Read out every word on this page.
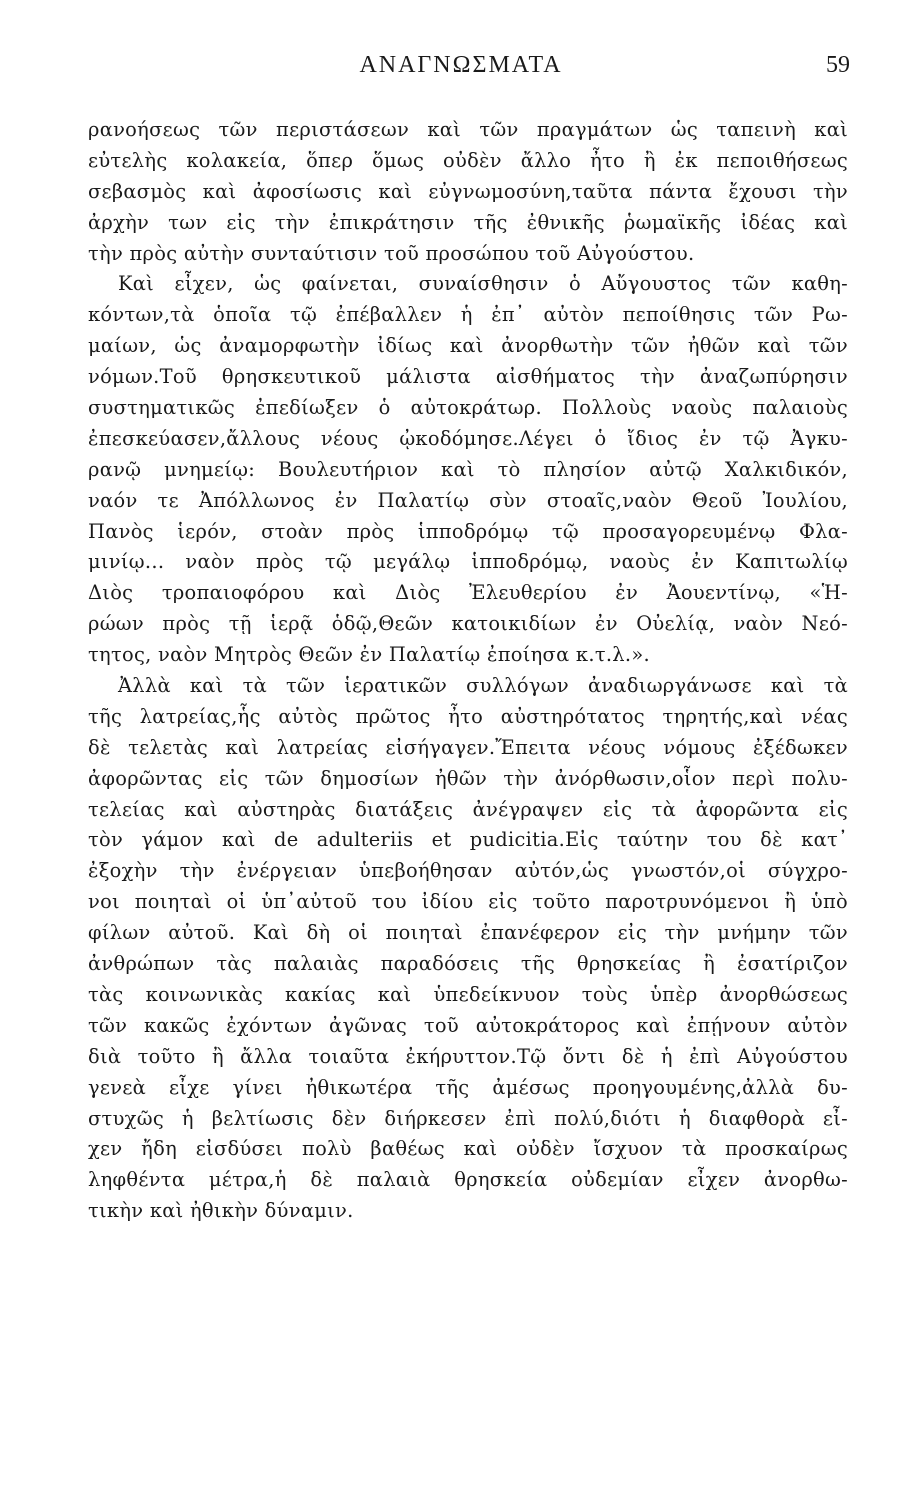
ΑΝΑΓΝΩΣΜΑΤΑ	59
ρανοήσεως τῶν περιστάσεων καὶ τῶν πραγμάτων ὡς ταπεινὴ καὶ
εὐτελὴς κολακεία, ὅπερ ὅμως οὐδὲν ἄλλο ἦτο ἢ ἐκ πεποιθήσεως
σεβασμὸς καὶ ἀφοσίωσις καὶ εὐγνωμοσύνη,ταῦτα πάντα ἔχουσι τὴν
ἀρχὴν των εἰς τὴν ἐπικράτησιν τῆς ἐθνικῆς ῥωμαϊκῆς ἰδέας καὶ
τὴν πρὸς αὐτὴν συνταύτισιν τοῦ προσώπου τοῦ Αὐγούστου.
Καὶ εἶχεν, ὡς φαίνεται, συναίσθησιν ὁ Αὔγουστος τῶν καθη-
κόντων,τὰ ὁποῖα τῷ ἐπέβαλλεν ἡ ἐπ᾽ αὐτὸν πεποίθησις τῶν Ρω-
μαίων, ὡς ἀναμορφωτὴν ἰδίως καὶ ἀνορθωτὴν τῶν ἠθῶν καὶ τῶν
νόμων.Τοῦ θρησκευτικοῦ μάλιστα αἰσθήματος τὴν ἀναζωπύρησιν
συστηματικῶς ἐπεδίωξεν ὁ αὐτοκράτωρ. Πολλοὺς ναοὺς παλαιοὺς
ἐπεσκεύασεν,ἄλλους νέους ᾠκοδόμησε.Λέγει ὁ ἴδιος ἐν τῷ Ἀγκυ-
ρανῷ μνημείῳ: Βουλευτήριον καὶ τὸ πλησίον αὐτῷ Χαλκιδικόν,
ναόν τε Ἀπόλλωνος ἐν Παλατίῳ σὺν στοαῖς,ναὸν Θεοῦ Ἰουλίου,
Πανὸς ἱερόν, στοὰν πρὸς ἱπποδρόμῳ τῷ προσαγορευμένῳ Φλα-
μινίῳ... ναὸν πρὸς τῷ μεγάλῳ ἱπποδρόμῳ, ναοὺς ἐν Καπιτωλίῳ
Διὸς τροπαιοφόρου καὶ Διὸς Ἐλευθερίου ἐν Ἀουεντίνῳ, «Ἡ-
ρώων πρὸς τῇ ἱερᾷ ὁδῷ,Θεῶν κατοικιδίων ἐν Οὐελίᾳ, ναὸν Νεό-
τητος, ναὸν Μητρὸς Θεῶν ἐν Παλατίῳ ἐποίησα κ.τ.λ.».
Ἀλλὰ καὶ τὰ τῶν ἱερατικῶν συλλόγων ἀναδιωργάνωσε καὶ τὰ
τῆς λατρείας,ἧς αὐτὸς πρῶτος ἦτο αὐστηρότατος τηρητής,καὶ νέας
δὲ τελετὰς καὶ λατρείας εἰσήγαγεν.Ἔπειτα νέους νόμους ἐξέδωκεν
ἀφορῶντας εἰς τῶν δημοσίων ἠθῶν τὴν ἀνόρθωσιν,οἷον περὶ πολυ-
τελείας καὶ αὐστηρὰς διατάξεις ἀνέγραψεν εἰς τὰ ἀφορῶντα εἰς
τὸν γάμον καὶ de adulteriis et pudicitia.Εἰς ταύτην του δὲ κατ᾽
ἐξοχὴν τὴν ἐνέργειαν ὑπεβοήθησαν αὐτόν,ὡς γνωστόν,οἱ σύγχρο-
νοι ποιηταὶ οἱ ὑπ᾽αὐτοῦ του ἰδίου εἰς τοῦτο παροτρυνόμενοι ἢ ὑπὸ
φίλων αὐτοῦ. Καὶ δὴ οἱ ποιηταὶ ἐπανέφερον εἰς τὴν μνήμην τῶν
ἀνθρώπων τὰς παλαιὰς παραδόσεις τῆς θρησκείας ἢ ἐσατίριζον
τὰς κοινωνικὰς κακίας καὶ ὑπεδείκνυον τοὺς ὑπὲρ ἀνορθώσεως
τῶν κακῶς ἐχόντων ἀγῶνας τοῦ αὐτοκράτορος καὶ ἐπῄνουν αὐτὸν
διὰ τοῦτο ἢ ἄλλα τοιαῦτα ἐκήρυττον.Τῷ ὄντι δὲ ἡ ἐπὶ Αὐγούστου
γενεὰ εἶχε γίνει ἠθικωτέρα τῆς ἀμέσως προηγουμένης,ἀλλὰ δυ-
στυχῶς ἡ βελτίωσις δὲν διήρκεσεν ἐπὶ πολύ,διότι ἡ διαφθορὰ εἶ-
χεν ἤδη εἰσδύσει πολὺ βαθέως καὶ οὐδὲν ἴσχυον τὰ προσκαίρως
ληφθέντα μέτρα,ἡ δὲ παλαιὰ θρησκεία οὐδεμίαν εἶχεν ἀνορθω-
τικὴν καὶ ἠθικὴν δύναμιν.
